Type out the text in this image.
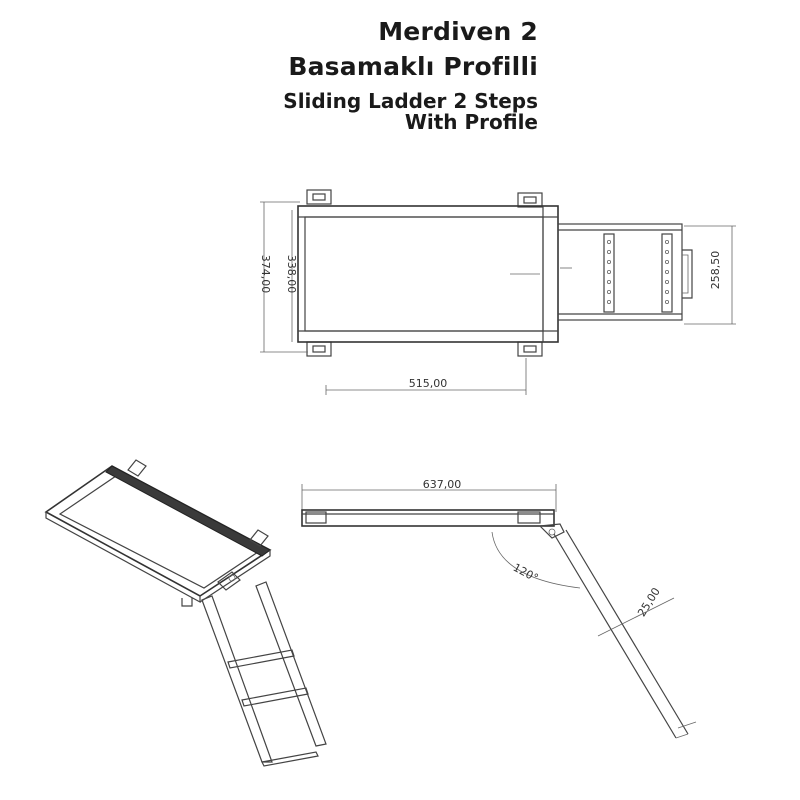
Merdiven 2
Basamaklı Profilli
Sliding Ladder 2 Steps
With Profile
374,00 338,00	258,50
515,00
637,00
120°
25,00
